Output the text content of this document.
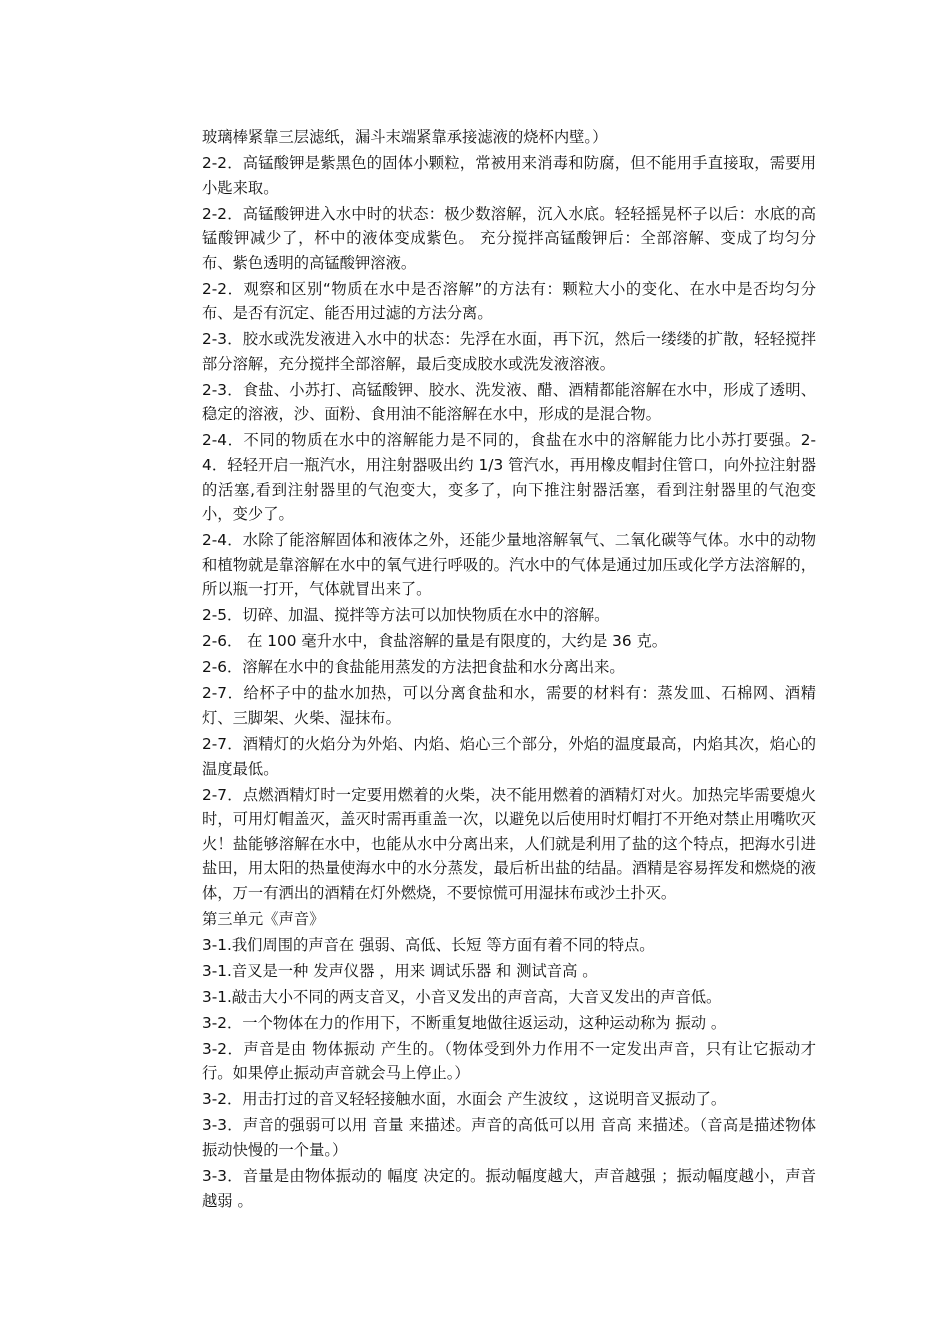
玻璃棒紧靠三层滤纸，漏斗末端紧靠承接滤液的烧杯内壁。）

2-2．高锰酸钾是紫黑色的固体小颗粒，常被用来消毒和防腐，但不能用手直接取，需要用小匙来取。

2-2．高锰酸钾进入水中时的状态：极少数溶解，沉入水底。轻轻摇晃杯子以后：水底的高锰酸钾减少了，杯中的液体变成紫色。 充分搅拌高锰酸钾后：全部溶解、变成了均匀分布、紫色透明的高锰酸钾溶液。

2-2．观察和区别“物质在水中是否溶解”的方法有：颗粒大小的变化、在水中是否均匀分布、是否有沉定、能否用过滤的方法分离。

2-3．胶水或洗发液进入水中的状态：先浮在水面，再下沉，然后一缕缕的扩散，轻轻搅拌部分溶解，充分搅拌全部溶解，最后变成胶水或洗发液溶液。

2-3．食盐、小苏打、高锰酸钾、胶水、洗发液、醋、酒精都能溶解在水中，形成了透明、稳定的溶液，沙、面粉、食用油不能溶解在水中，形成的是混合物。

2-4．不同的物质在水中的溶解能力是不同的，食盐在水中的溶解能力比小苏打要强。2-4．轻轻开启一瓶汽水，用注射器吸出约 1/3 管汽水，再用橡皮帽封住管口，向外拉注射器的活塞,看到注射器里的气泡变大，变多了，向下推注射器活塞，看到注射器里的气泡变小，变少了。

2-4．水除了能溶解固体和液体之外，还能少量地溶解氧气、二氧化碳等气体。水中的动物和植物就是靠溶解在水中的氧气进行呼吸的。汽水中的气体是通过加压或化学方法溶解的，所以瓶一打开，气体就冒出来了。

2-5．切碎、加温、搅拌等方法可以加快物质在水中的溶解。

2-6． 在 100 毫升水中，食盐溶解的量是有限度的，大约是 36 克。

2-6．溶解在水中的食盐能用蒸发的方法把食盐和水分离出来。

2-7．给杯子中的盐水加热，可以分离食盐和水，需要的材料有：蒸发皿、石棉网、酒精灯、三脚架、火柴、湿抹布。

2-7．酒精灯的火焰分为外焰、内焰、焰心三个部分，外焰的温度最高，内焰其次，焰心的温度最低。

2-7．点燃酒精灯时一定要用燃着的火柴，决不能用燃着的酒精灯对火。加热完毕需要熄火时，可用灯帽盖灭，盖灭时需再重盖一次，以避免以后使用时灯帽打不开绝对禁止用嘴吹灭火！盐能够溶解在水中，也能从水中分离出来，人们就是利用了盐的这个特点，把海水引进盐田，用太阳的热量使海水中的水分蒸发，最后析出盐的结晶。酒精是容易挥发和燃烧的液体，万一有洒出的酒精在灯外燃烧，不要惊慌可用湿抹布或沙土扑灭。

第三单元《声音》

3-1.我们周围的声音在 强弱、高低、长短 等方面有着不同的特点。

3-1.音叉是一种 发声仪器 ，用来 调试乐器 和 测试音高 。

3-1.敲击大小不同的两支音叉，小音叉发出的声音高，大音叉发出的声音低。

3-2．一个物体在力的作用下，不断重复地做往返运动，这种运动称为 振动 。

3-2．声音是由 物体振动 产生的。（物体受到外力作用不一定发出声音，只有让它振动才行。如果停止振动声音就会马上停止。）

3-2．用击打过的音叉轻轻接触水面，水面会 产生波纹 ，这说明音叉振动了。

3-3．声音的强弱可以用 音量 来描述。声音的高低可以用 音高 来描述。（音高是描述物体振动快慢的一个量。）

3-3．音量是由物体振动的 幅度 决定的。振动幅度越大，声音越强 ；振动幅度越小，声音越弱 。
